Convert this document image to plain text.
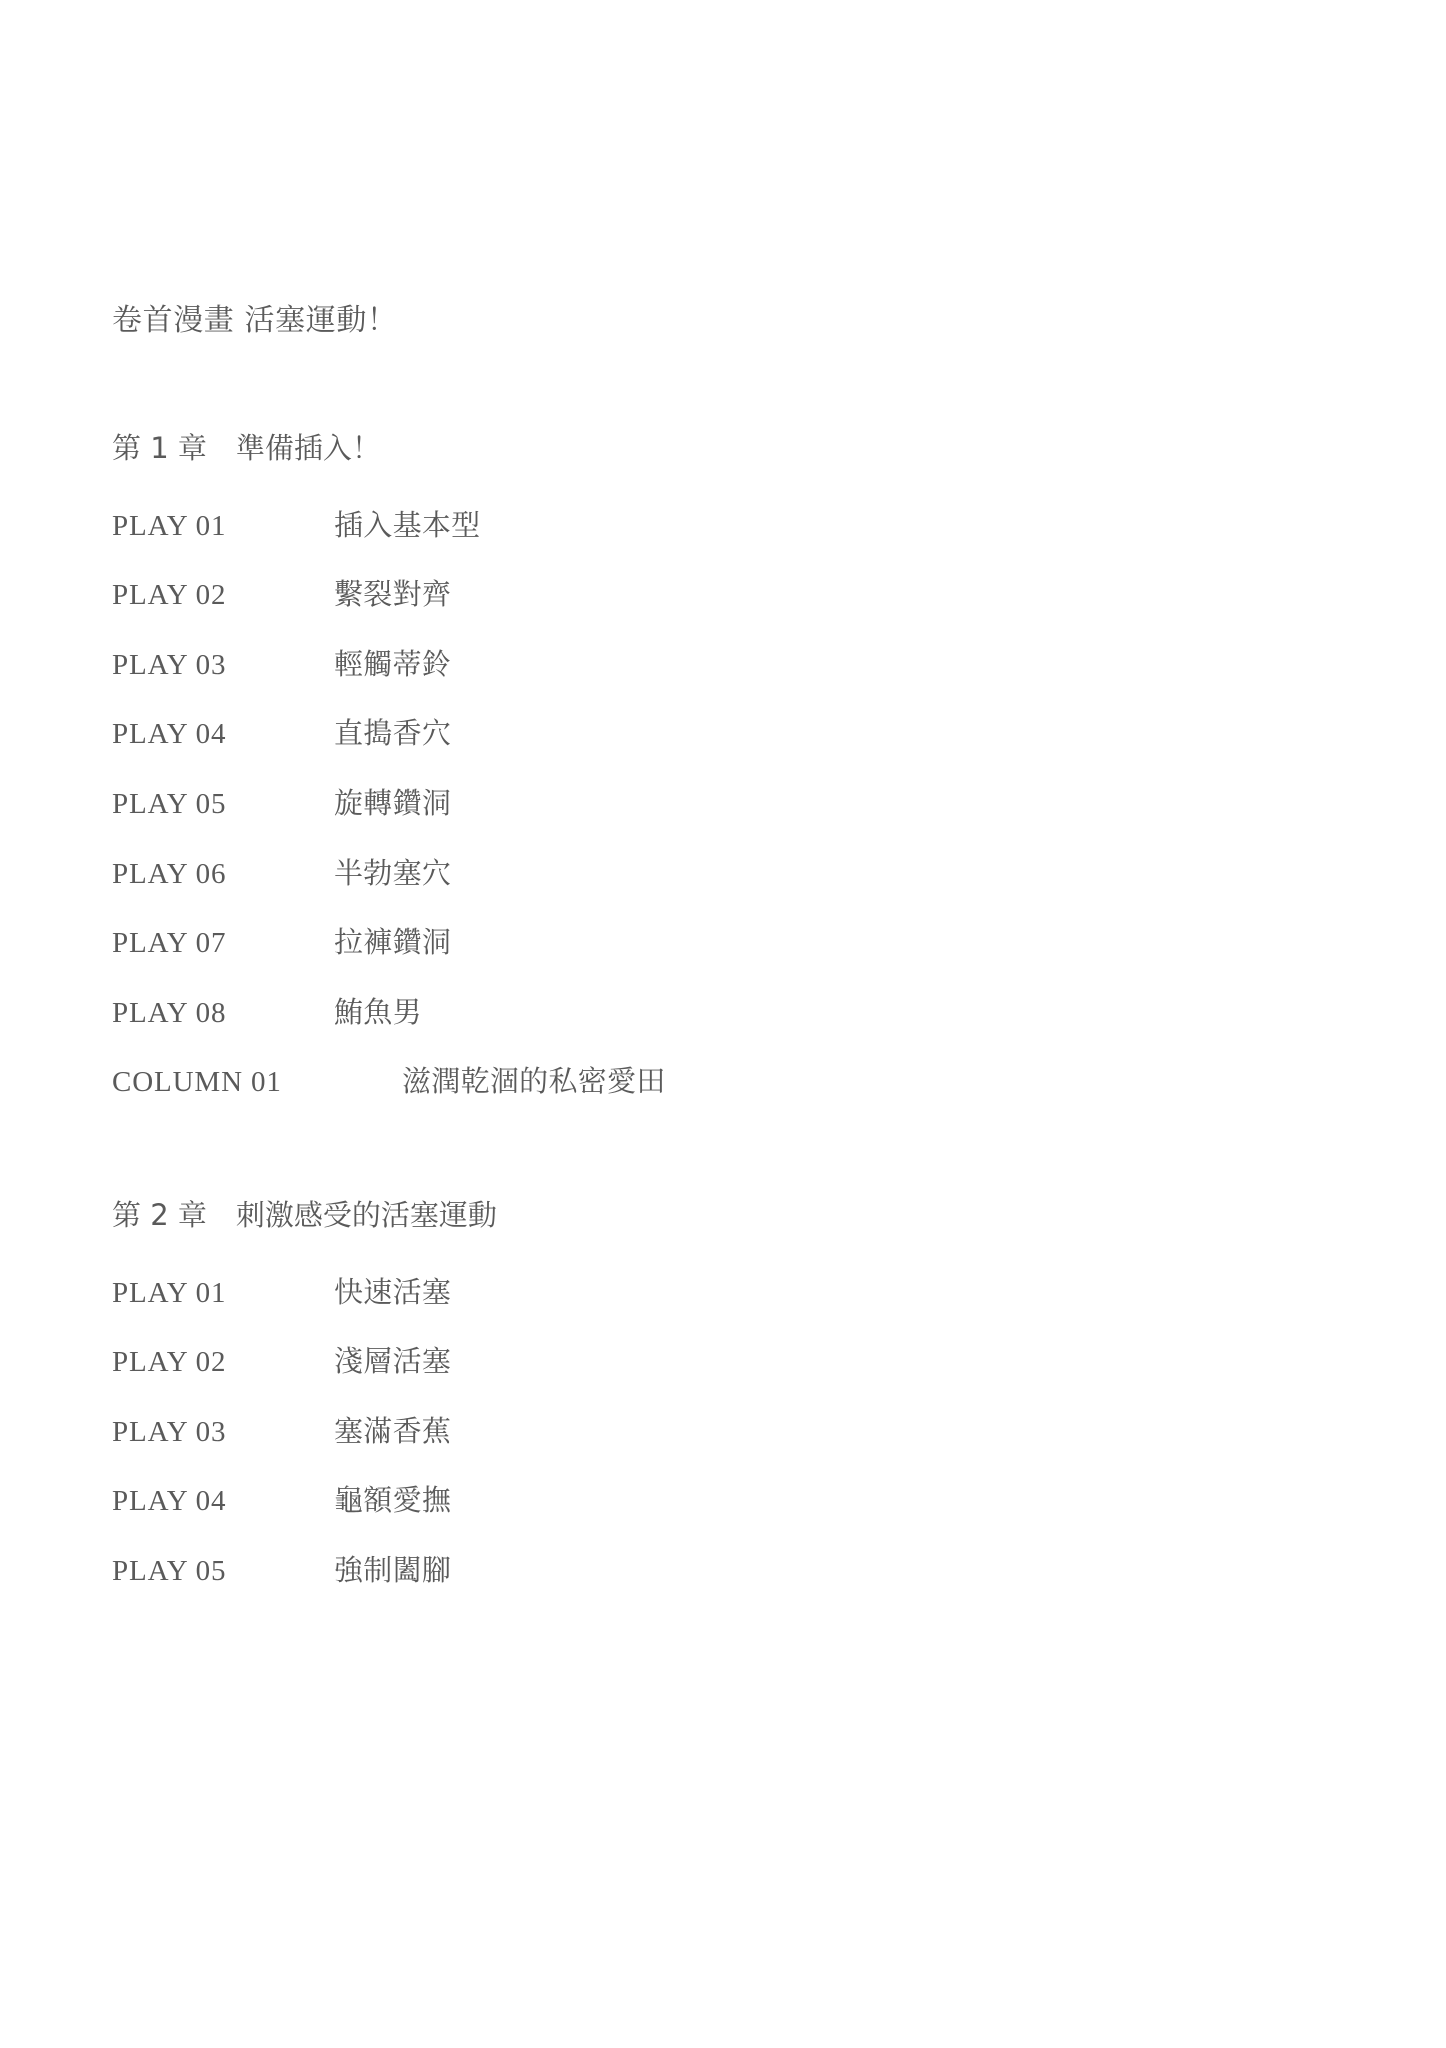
卷首漫畫 活塞運動！
第 1 章　準備插入！
PLAY 01	插入基本型
PLAY 02	繫裂對齊
PLAY 03	輕觸蒂鈴
PLAY 04	直搗香穴
PLAY 05	旋轉鑽洞
PLAY 06	半勃塞穴
PLAY 07	拉褲鑽洞
PLAY 08	鮪魚男
COLUMN 01	滋潤乾涸的私密愛田
第 2 章　刺激感受的活塞運動
PLAY 01	快速活塞
PLAY 02	淺層活塞
PLAY 03	塞滿香蕉
PLAY 04	龜額愛撫
PLAY 05	強制闔腳
